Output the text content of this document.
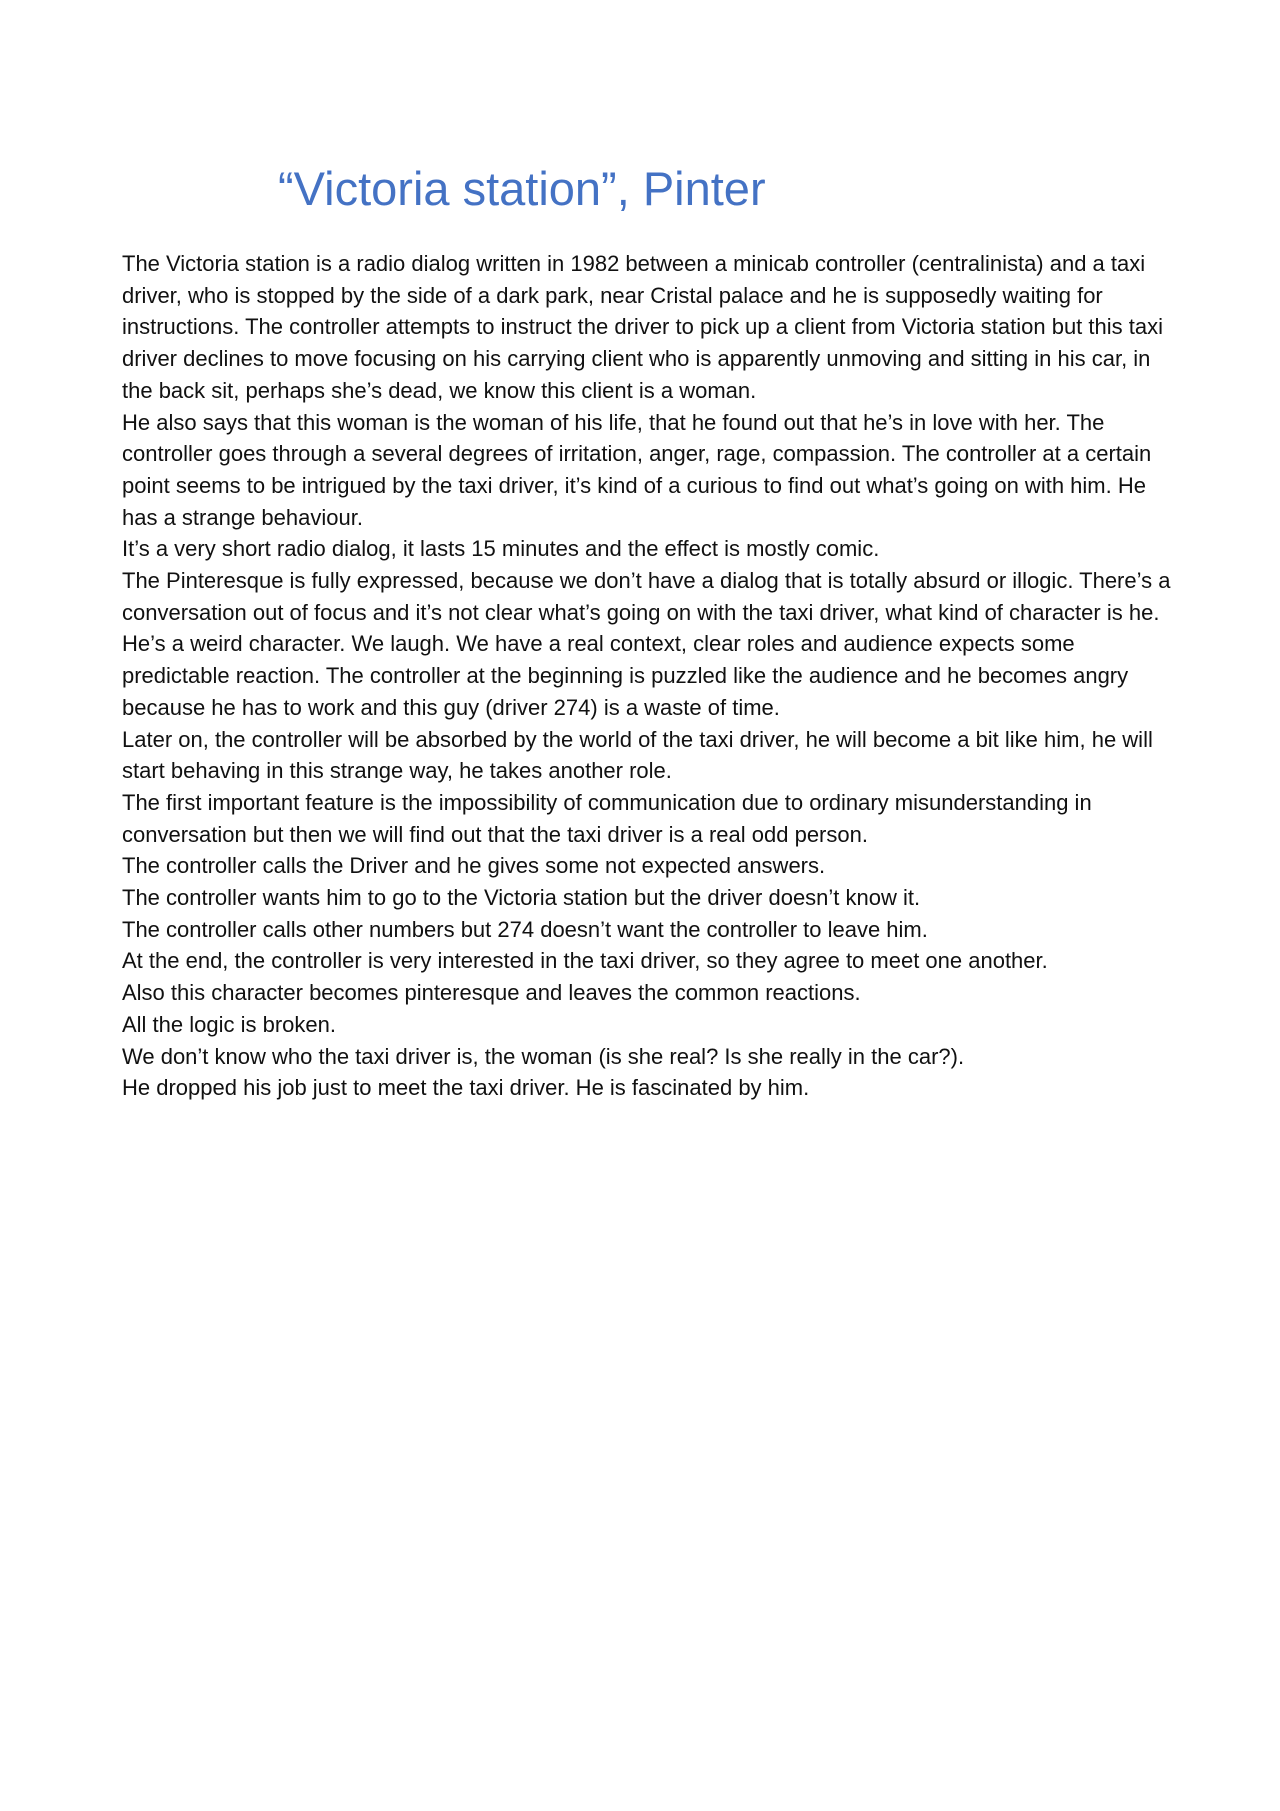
“Victoria station”, Pinter

The Victoria station is a radio dialog written in 1982 between a minicab controller (centralinista) and a taxi driver, who is stopped by the side of a dark park, near Cristal palace and he is supposedly waiting for instructions. The controller attempts to instruct the driver to pick up a client from Victoria station but this taxi driver declines to move focusing on his carrying client who is apparently unmoving and sitting in his car, in the back sit, perhaps she’s dead, we know this client is a woman.

He also says that this woman is the woman of his life, that he found out that he’s in love with her. The controller goes through a several degrees of irritation, anger, rage, compassion. The controller at a certain point seems to be intrigued by the taxi driver, it’s kind of a curious to find out what’s going on with him. He has a strange behaviour.

It’s a very short radio dialog, it lasts 15 minutes and the effect is mostly comic.

The Pinteresque is fully expressed, because we don’t have a dialog that is totally absurd or illogic. There’s a conversation out of focus and it’s not clear what’s going on with the taxi driver, what kind of character is he. He’s a weird character. We laugh. We have a real context, clear roles and audience expects some predictable reaction. The controller at the beginning is puzzled like the audience and he becomes angry because he has to work and this guy (driver 274) is a waste of time.

Later on, the controller will be absorbed by the world of the taxi driver, he will become a bit like him, he will start behaving in this strange way, he takes another role.

The first important feature is the impossibility of communication due to ordinary misunderstanding in conversation but then we will find out that the taxi driver is a real odd person.

The controller calls the Driver and he gives some not expected answers.

The controller wants him to go to the Victoria station but the driver doesn’t know it.

The controller calls other numbers but 274 doesn’t want the controller to leave him.

At the end, the controller is very interested in the taxi driver, so they agree to meet one another.

Also this character becomes pinteresque and leaves the common reactions.

All the logic is broken.

We don’t know who the taxi driver is, the woman (is she real? Is she really in the car?).

He dropped his job just to meet the taxi driver. He is fascinated by him.
